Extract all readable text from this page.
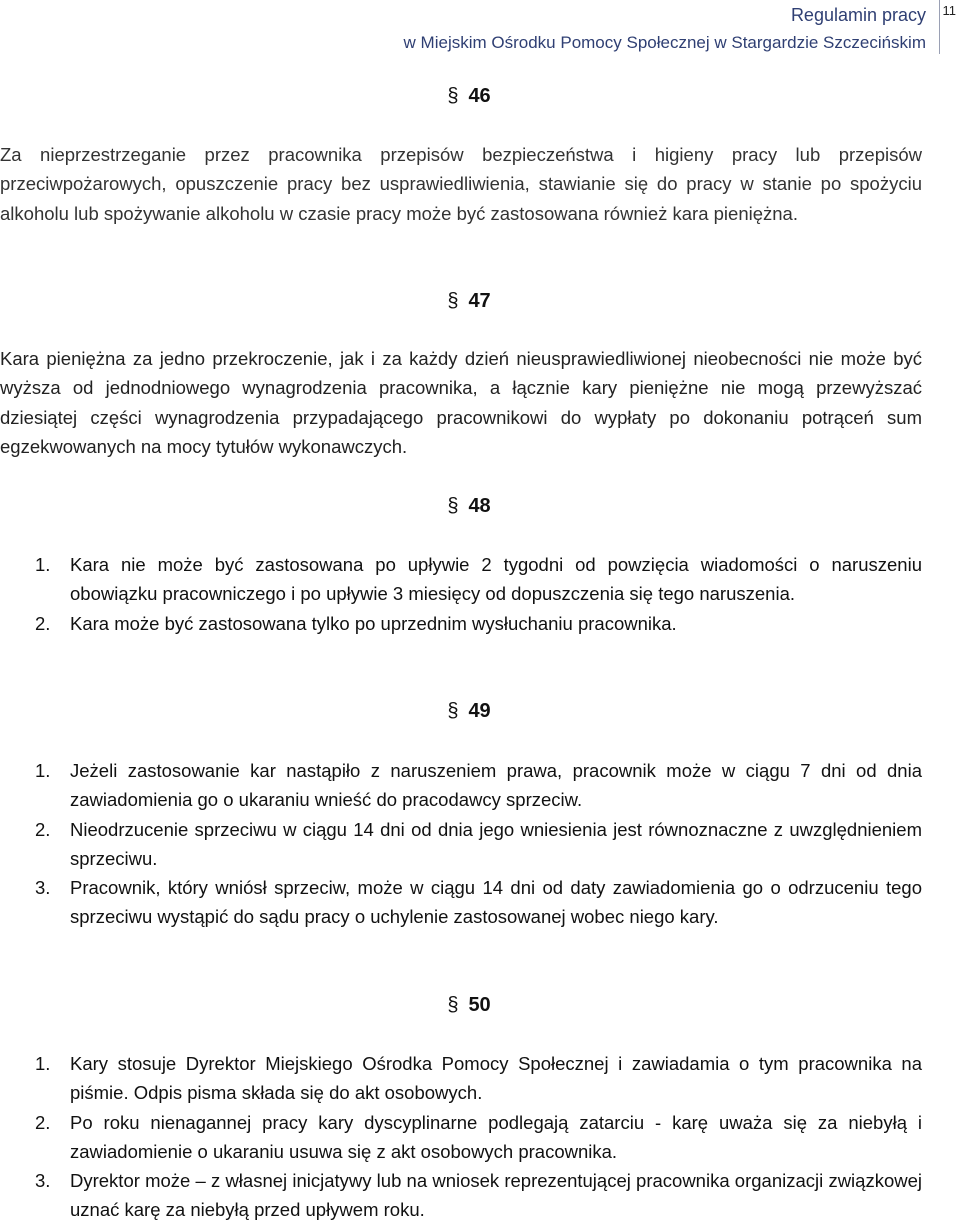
Regulamin pracy
w Miejskim Ośrodku Pomocy Społecznej w Stargardzie Szczecińskim
11
§ 46
Za nieprzestrzeganie przez pracownika przepisów bezpieczeństwa i higieny pracy lub przepisów przeciwpożarowych, opuszczenie pracy bez usprawiedliwienia, stawianie się do pracy w stanie po spożyciu alkoholu lub spożywanie alkoholu w czasie pracy może być zastosowana również kara pieniężna.
§ 47
Kara pieniężna za jedno przekroczenie, jak i za każdy dzień nieusprawiedliwionej nieobecności nie może być wyższa od jednodniowego wynagrodzenia pracownika, a łącznie kary pieniężne nie mogą przewyższać dziesiątej części wynagrodzenia przypadającego pracownikowi do wypłaty po dokonaniu potrąceń sum egzekwowanych na mocy tytułów wykonawczych.
§ 48
1. Kara nie może być zastosowana po upływie 2 tygodni od powzięcia wiadomości o naruszeniu obowiązku pracowniczego i po upływie 3 miesięcy od dopuszczenia się tego naruszenia.
2. Kara może być zastosowana tylko po uprzednim wysłuchaniu pracownika.
§ 49
1. Jeżeli zastosowanie kar nastąpiło z naruszeniem prawa, pracownik może w ciągu 7 dni od dnia zawiadomienia go o ukaraniu wnieść do pracodawcy sprzeciw.
2. Nieodrzucenie sprzeciwu w ciągu 14 dni od dnia jego wniesienia jest równoznaczne z uwzględnieniem sprzeciwu.
3. Pracownik, który wniósł sprzeciw, może w ciągu 14 dni od daty zawiadomienia go o odrzuceniu tego sprzeciwu wystąpić do sądu pracy o uchylenie zastosowanej wobec niego kary.
§ 50
1. Kary stosuje Dyrektor Miejskiego Ośrodka Pomocy Społecznej i zawiadamia o tym pracownika na piśmie. Odpis pisma składa się do akt osobowych.
2. Po roku nienagannej pracy kary dyscyplinarne podlegają zatarciu - karę uważa się za niebyłą i zawiadomienie o ukaraniu usuwa się z akt osobowych pracownika.
3. Dyrektor może – z własnej inicjatywy lub na wniosek reprezentującej pracownika organizacji związkowej uznać karę za niebyłą przed upływem roku.
